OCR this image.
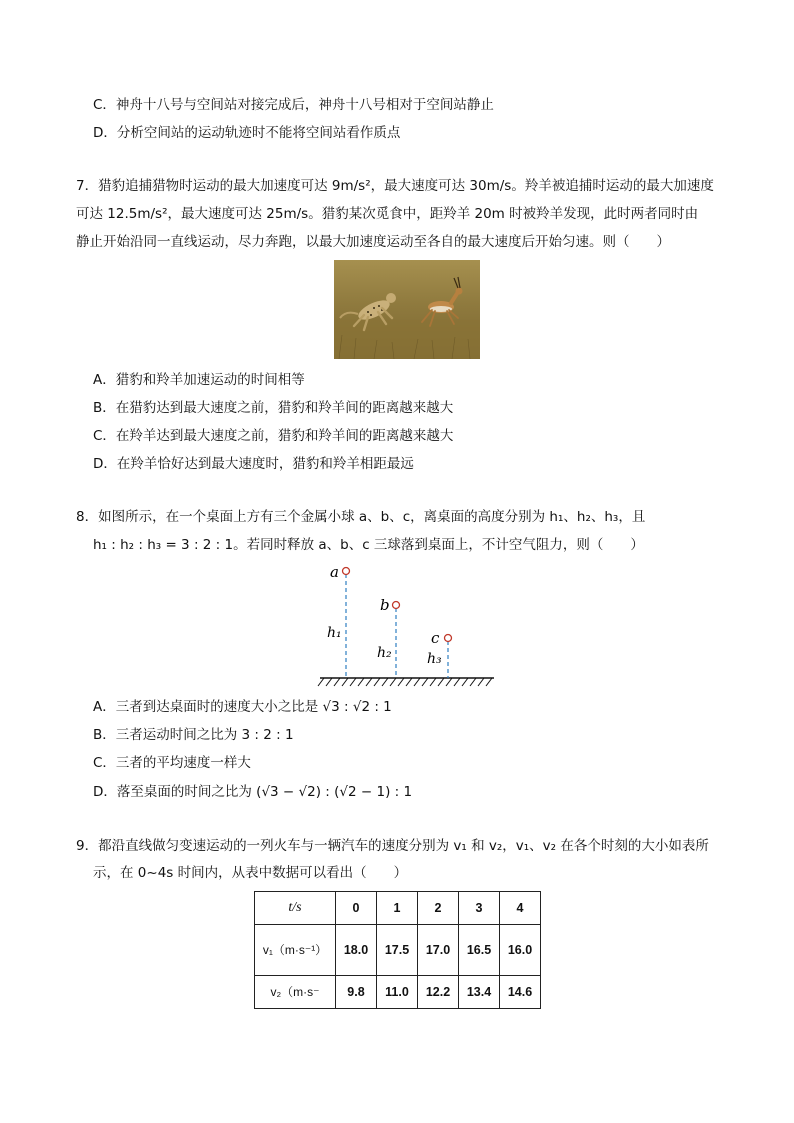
C．神舟十八号与空间站对接完成后，神舟十八号相对于空间站静止
D．分析空间站的运动轨迹时不能将空间站看作质点
7．猎豹追捕猎物时运动的最大加速度可达 9m/s²，最大速度可达 30m/s。羚羊被追捕时运动的最大加速度
可达 12.5m/s²，最大速度可达 25m/s。猎豹某次觅食中，距羚羊 20m 时被羚羊发现，此时两者同时由
静止开始沿同一直线运动，尽力奔跑，以最大加速度运动至各自的最大速度后开始匀速。则（　　）
A．猎豹和羚羊加速运动的时间相等
B．在猎豹达到最大速度之前，猎豹和羚羊间的距离越来越大
C．在羚羊达到最大速度之前，猎豹和羚羊间的距离越来越大
D．在羚羊恰好达到最大速度时，猎豹和羚羊相距最远
8．如图所示，在一个桌面上方有三个金属小球 a、b、c，离桌面的高度分别为 h₁、h₂、h₃，且
h₁ : h₂ : h₃ = 3 : 2 : 1。若同时释放 a、b、c 三球落到桌面上，不计空气阻力，则（　　）
a
b
c
h₁
h₂	h₃
A．三者到达桌面时的速度大小之比是 √3 : √2 : 1
B．三者运动时间之比为 3 : 2 : 1
C．三者的平均速度一样大
D．落至桌面的时间之比为 (√3 − √2) : (√2 − 1) : 1
9．都沿直线做匀变速运动的一列火车与一辆汽车的速度分别为 v₁ 和 v₂，v₁、v₂ 在各个时刻的大小如表所
示，在 0~4s 时间内，从表中数据可以看出（　　）
t/s	0	1	2	3	4
v₁（m·s⁻¹）	18.0	17.5	17.0	16.5	16.0
v₂（m·s⁻	9.8	11.0	12.2	13.4	14.6
